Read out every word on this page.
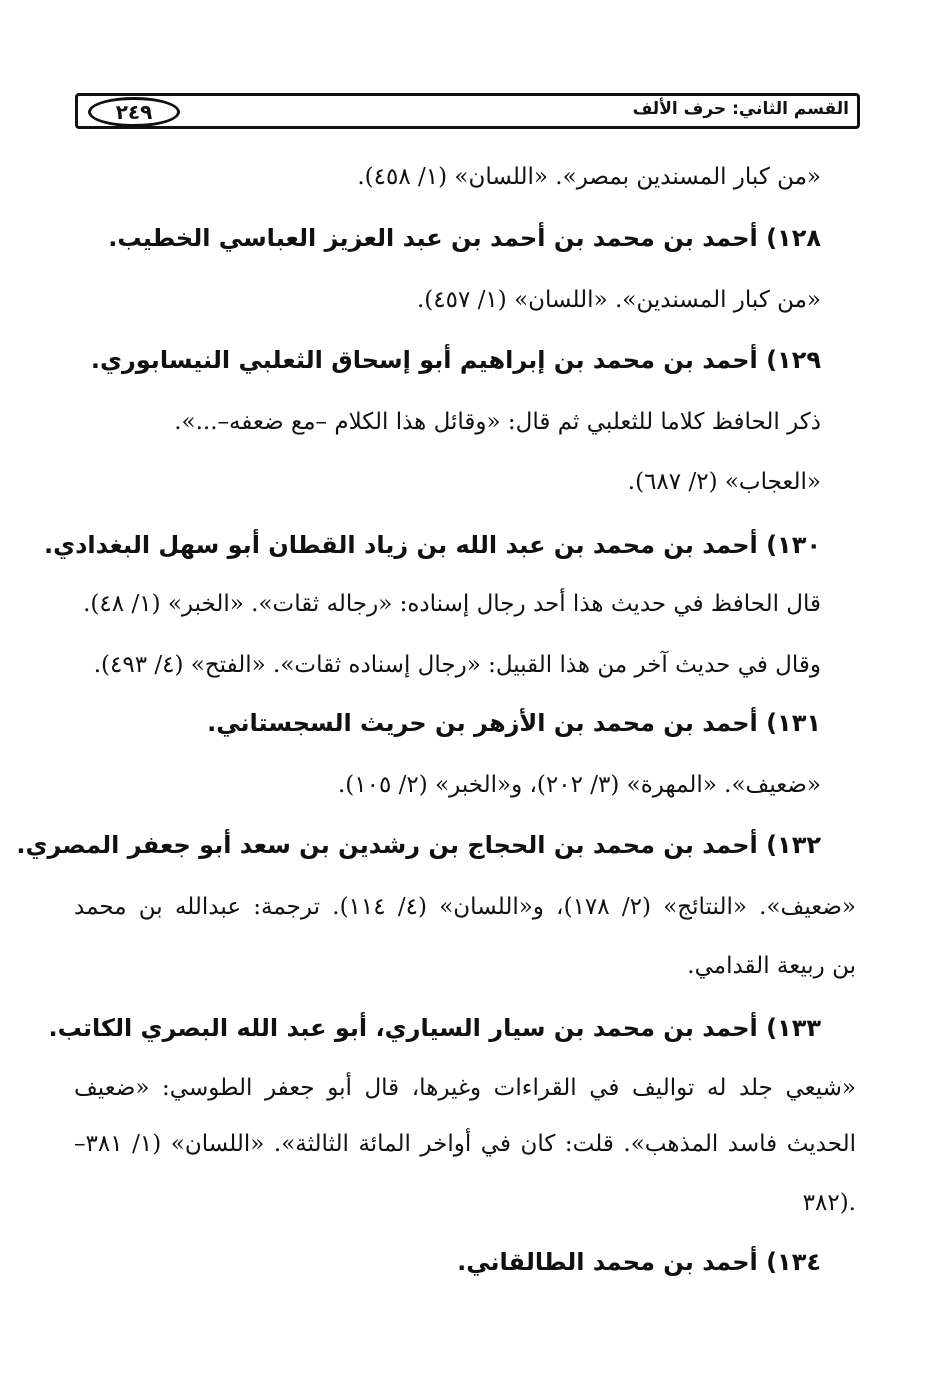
٢٤٩	القسم الثاني: حرف الألف
«من كبار المسندين بمصر». «اللسان» (١/ ٤٥٨).
١٢٨) أحمد بن محمد بن أحمد بن عبد العزيز العباسي الخطيب.
«من كبار المسندين». «اللسان» (١/ ٤٥٧).
١٢٩) أحمد بن محمد بن إبراهيم أبو إسحاق الثعلبي النيسابوري.
ذكر الحافظ كلاما للثعلبي ثم قال: «وقائل هذا الكلام –مع ضعفه–...».
«العجاب» (٢/ ٦٨٧).
١٣٠) أحمد بن محمد بن عبد الله بن زياد القطان أبو سهل البغدادي.
قال الحافظ في حديث هذا أحد رجال إسناده: «رجاله ثقات». «الخبر» (١/ ٤٨).
وقال في حديث آخر من هذا القبيل: «رجال إسناده ثقات». «الفتح» (٤/ ٤٩٣).
١٣١) أحمد بن محمد بن الأزهر بن حريث السجستاني.
«ضعيف». «المهرة» (٣/ ٢٠٢)، و«الخبر» (٢/ ١٠٥).
١٣٢) أحمد بن محمد بن الحجاج بن رشدين بن سعد أبو جعفر المصري.
«ضعيف». «النتائج» (٢/ ١٧٨)، و«اللسان» (٤/ ١١٤). ترجمة: عبدالله بن محمد
بن ربيعة القدامي.
١٣٣) أحمد بن محمد بن سيار السياري، أبو عبد الله البصري الكاتب.
«شيعي جلد له تواليف في القراءات وغيرها، قال أبو جعفر الطوسي: «ضعيف
الحديث فاسد المذهب». قلت: كان في أواخر المائة الثالثة». «اللسان» (١/ ٣٨١–
٣٨٢).
١٣٤) أحمد بن محمد الطالقاني.
